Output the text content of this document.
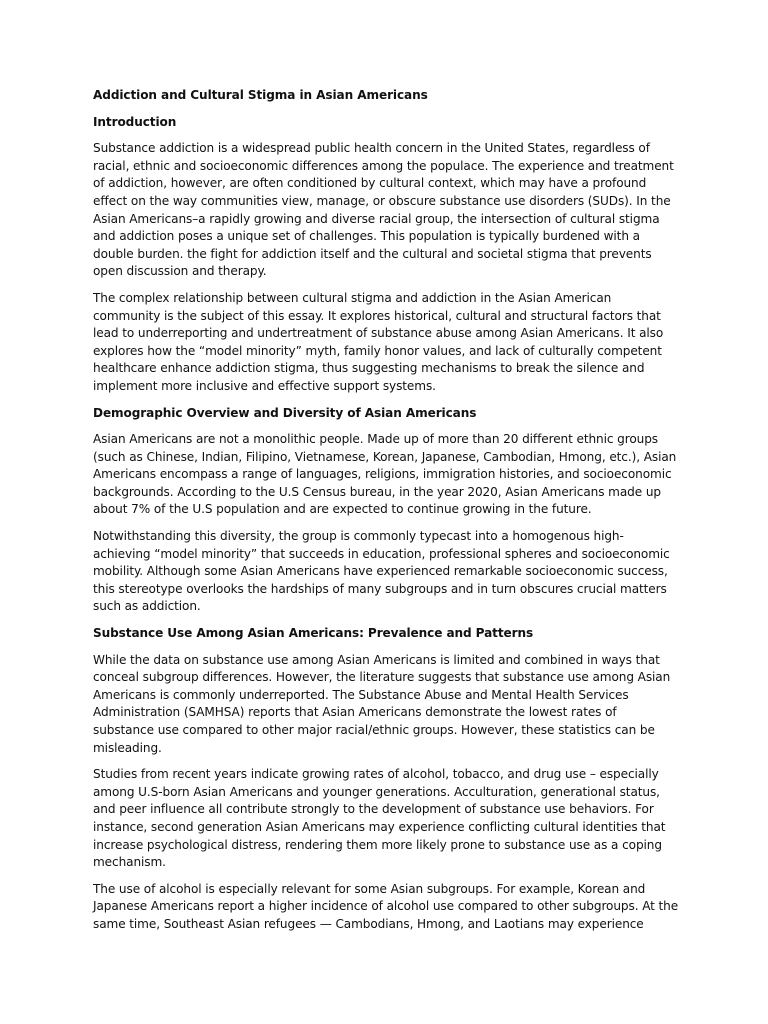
Addiction and Cultural Stigma in Asian Americans
Introduction

Substance addiction is a widespread public health concern in the United States, regardless of racial, ethnic and socioeconomic differences among the populace. The experience and treatment of addiction, however, are often conditioned by cultural context, which may have a profound effect on the way communities view, manage, or obscure substance use disorders (SUDs). In the Asian Americans–a rapidly growing and diverse racial group, the intersection of cultural stigma and addiction poses a unique set of challenges. This population is typically burdened with a double burden. the fight for addiction itself and the cultural and societal stigma that prevents open discussion and therapy.

The complex relationship between cultural stigma and addiction in the Asian American community is the subject of this essay. It explores historical, cultural and structural factors that lead to underreporting and undertreatment of substance abuse among Asian Americans. It also explores how the “model minority” myth, family honor values, and lack of culturally competent healthcare enhance addiction stigma, thus suggesting mechanisms to break the silence and implement more inclusive and effective support systems.

Demographic Overview and Diversity of Asian Americans

Asian Americans are not a monolithic people. Made up of more than 20 different ethnic groups (such as Chinese, Indian, Filipino, Vietnamese, Korean, Japanese, Cambodian, Hmong, etc.), Asian Americans encompass a range of languages, religions, immigration histories, and socioeconomic backgrounds. According to the U.S Census bureau, in the year 2020, Asian Americans made up about 7% of the U.S population and are expected to continue growing in the future.

Notwithstanding this diversity, the group is commonly typecast into a homogenous high-achieving “model minority” that succeeds in education, professional spheres and socioeconomic mobility. Although some Asian Americans have experienced remarkable socioeconomic success, this stereotype overlooks the hardships of many subgroups and in turn obscures crucial matters such as addiction.

Substance Use Among Asian Americans: Prevalence and Patterns

While the data on substance use among Asian Americans is limited and combined in ways that conceal subgroup differences. However, the literature suggests that substance use among Asian Americans is commonly underreported. The Substance Abuse and Mental Health Services Administration (SAMHSA) reports that Asian Americans demonstrate the lowest rates of substance use compared to other major racial/ethnic groups. However, these statistics can be misleading.

Studies from recent years indicate growing rates of alcohol, tobacco, and drug use – especially among U.S-born Asian Americans and younger generations. Acculturation, generational status, and peer influence all contribute strongly to the development of substance use behaviors. For instance, second generation Asian Americans may experience conflicting cultural identities that increase psychological distress, rendering them more likely prone to substance use as a coping mechanism.

The use of alcohol is especially relevant for some Asian subgroups. For example, Korean and Japanese Americans report a higher incidence of alcohol use compared to other subgroups. At the same time, Southeast Asian refugees — Cambodians, Hmong, and Laotians may experience
